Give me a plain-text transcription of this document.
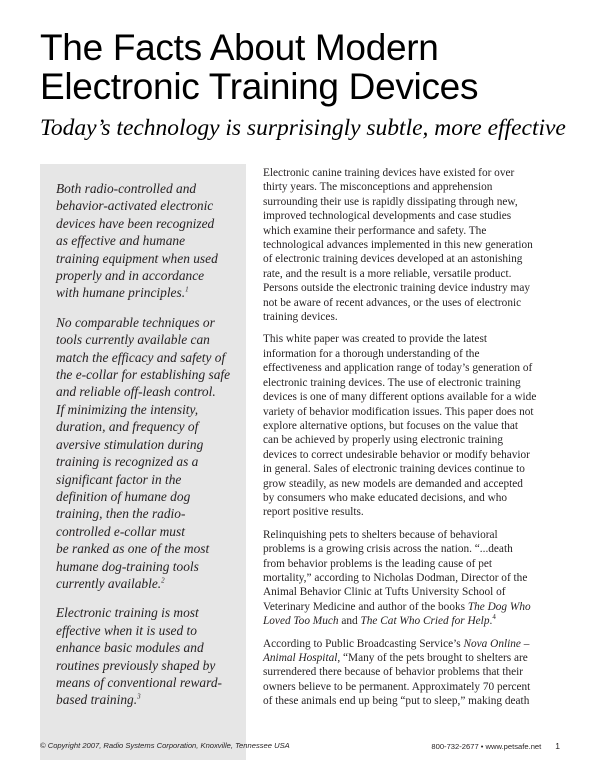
The Facts About Modern
Electronic Training Devices
Today’s technology is surprisingly subtle, more effective

Both radio-controlled and
behavior-activated electronic
devices have been recognized
as effective and humane
training equipment when used
properly and in accordance
with humane principles.$^1$

No comparable techniques or
tools currently available can
match the efficacy and safety of
the e-collar for establishing safe
and reliable off-leash control.
If minimizing the intensity,
duration, and frequency of
aversive stimulation during
training is recognized as a
significant factor in the
definition of humane dog
training, then the radio-
controlled e-collar must
be ranked as one of the most
humane dog-training tools
currently available.$^2$

Electronic training is most
effective when it is used to
enhance basic modules and
routines previously shaped by
means of conventional reward-
based training.$^3$

Electronic canine training devices have existed for over
thirty years. The misconceptions and apprehension
surrounding their use is rapidly dissipating through new,
improved technological developments and case studies
which examine their performance and safety. The
technological advances implemented in this new generation
of electronic training devices developed at an astonishing
rate, and the result is a more reliable, versatile product.
Persons outside the electronic training device industry may
not be aware of recent advances, or the uses of electronic
training devices.

This white paper was created to provide the latest
information for a thorough understanding of the
effectiveness and application range of today’s generation of
electronic training devices. The use of electronic training
devices is one of many different options available for a wide
variety of behavior modification issues. This paper does not
explore alternative options, but focuses on the value that
can be achieved by properly using electronic training
devices to correct undesirable behavior or modify behavior
in general. Sales of electronic training devices continue to
grow steadily, as new models are demanded and accepted
by consumers who make educated decisions, and who
report positive results.

Relinquishing pets to shelters because of behavioral
problems is a growing crisis across the nation. “...death
from behavior problems is the leading cause of pet
mortality,” according to Nicholas Dodman, Director of the
Animal Behavior Clinic at Tufts University School of
Veterinary Medicine and author of the books The Dog Who
Loved Too Much and The Cat Who Cried for Help.$^4$

According to Public Broadcasting Service’s Nova Online –
Animal Hospital, “Many of the pets brought to shelters are
surrendered there because of behavior problems that their
owners believe to be permanent. Approximately 70 percent
of these animals end up being “put to sleep,” making death

© Copyright 2007, Radio Systems Corporation, Knoxville, Tennessee USA	800-732-2677 • www.petsafe.net 1
